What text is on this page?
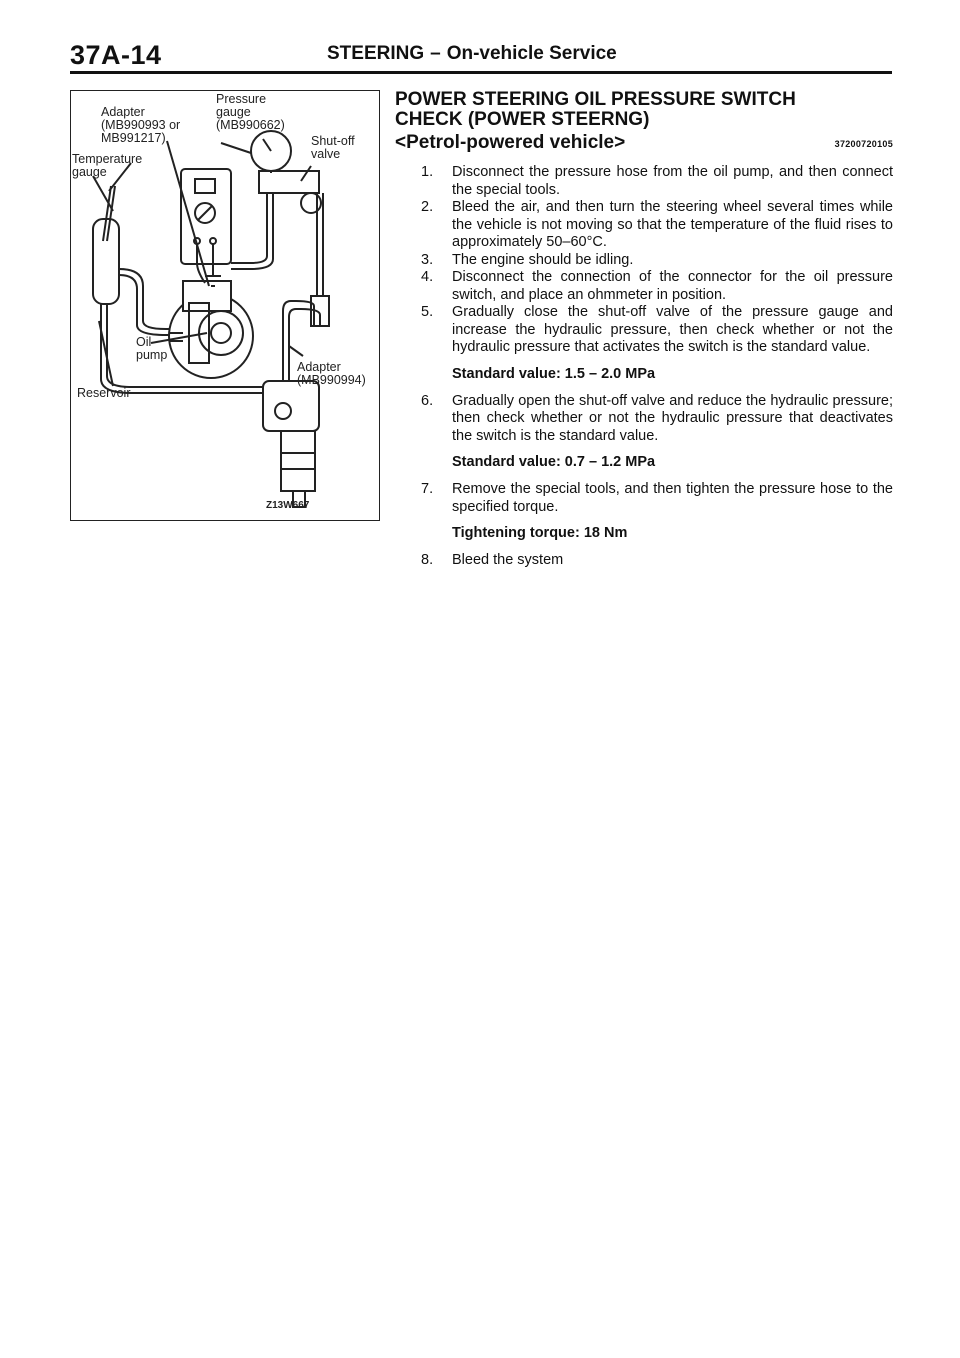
37A-14	STEERING – On-vehicle Service
Adapter
(MB990993 or
MB991217)
Pressure
gauge
(MB990662)
Shut-off
valve
Temperature
gauge
Oil
pump
Adapter
(MB990994)
Reservoir
Z13W667
POWER STEERING OIL PRESSURE SWITCH
CHECK (POWER STEERNG)
<Petrol-powered vehicle>	37200720105
1. Disconnect the pressure hose from the oil pump, and then connect the special tools.
2. Bleed the air, and then turn the steering wheel several times while the vehicle is not moving so that the temperature of the fluid rises to approximately 50–60°C.
3. The engine should be idling.
4. Disconnect the connection of the connector for the oil pressure switch, and place an ohmmeter in position.
5. Gradually close the shut-off valve of the pressure gauge and increase the hydraulic pressure, then check whether or not the hydraulic pressure that activates the switch is the standard value.
Standard value: 1.5 – 2.0 MPa
6. Gradually open the shut-off valve and reduce the hydraulic pressure; then check whether or not the hydraulic pressure that deactivates the switch is the standard value.
Standard value: 0.7 – 1.2 MPa
7. Remove the special tools, and then tighten the pressure hose to the specified torque.
Tightening torque: 18 Nm
8. Bleed the system
